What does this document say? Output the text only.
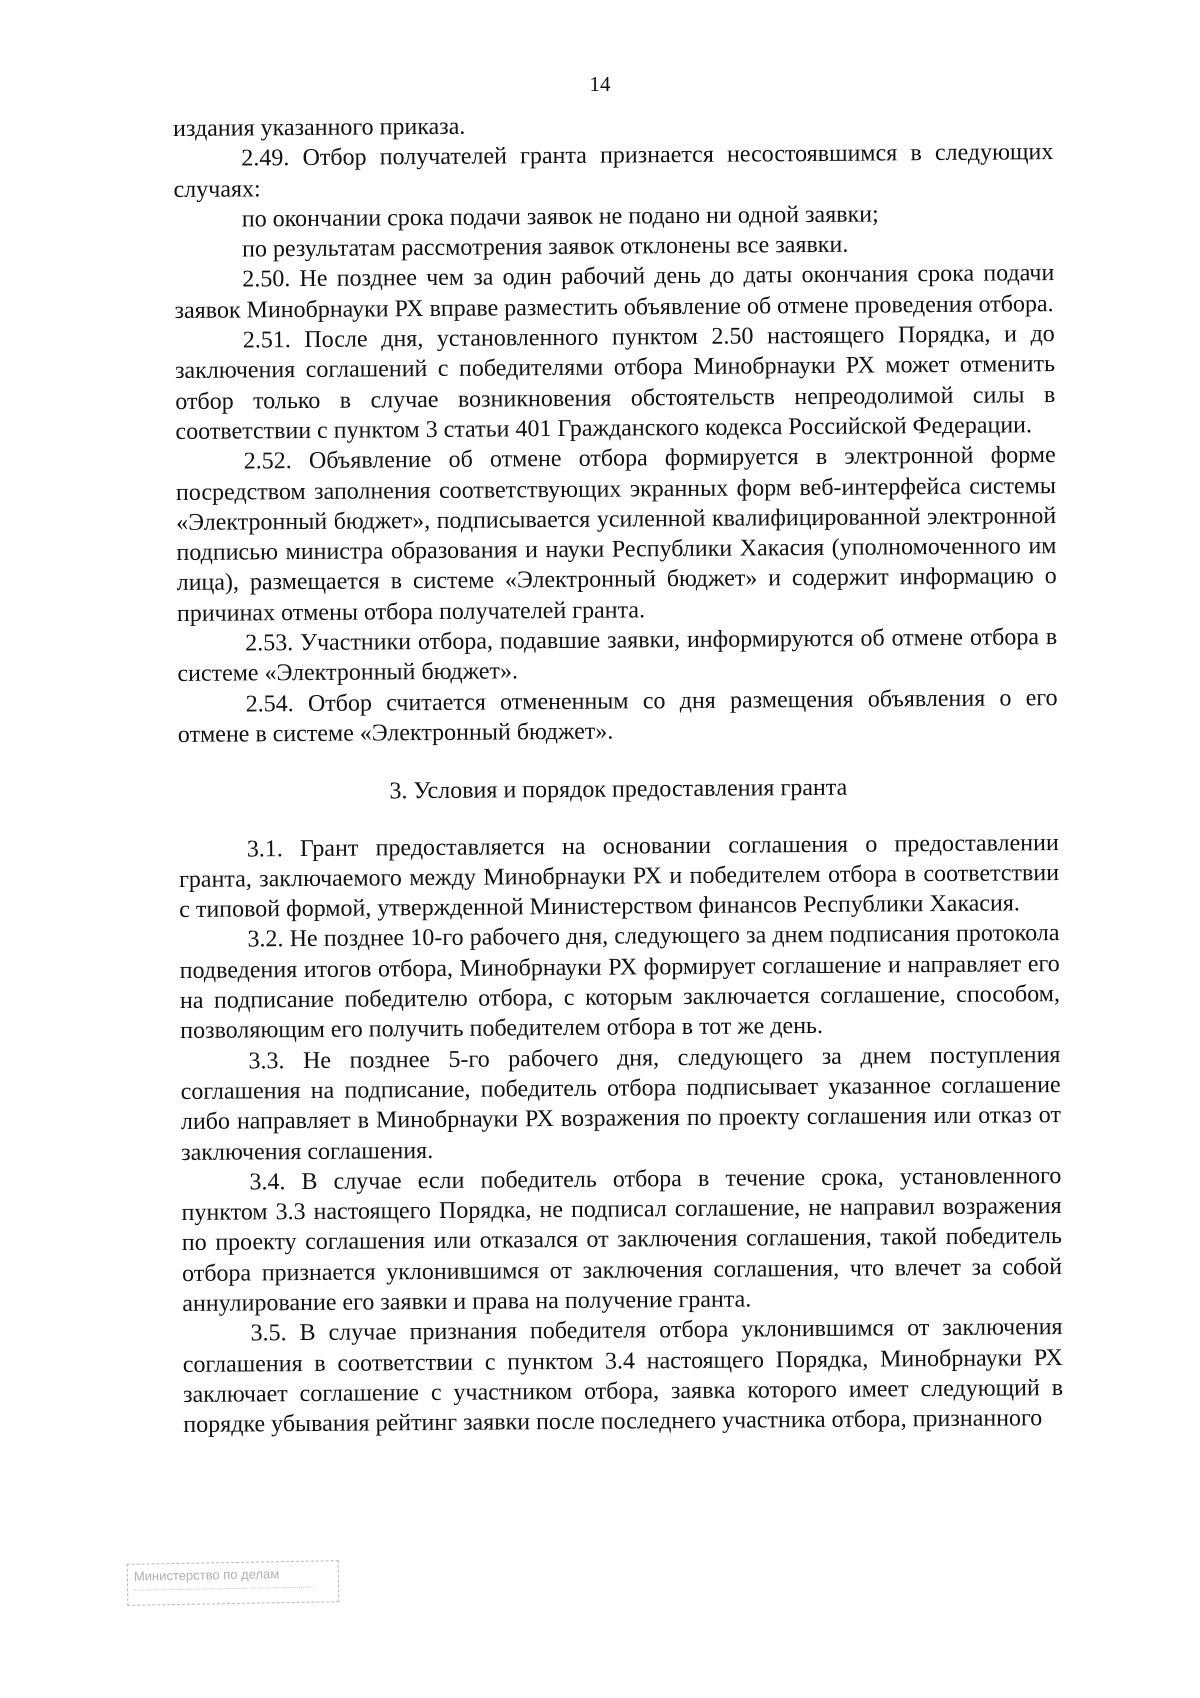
14

издания указанного приказа.

2.49. Отбор получателей гранта признается несостоявшимся в следующих случаях:

по окончании срока подачи заявок не подано ни одной заявки;

по результатам рассмотрения заявок отклонены все заявки.

2.50. Не позднее чем за один рабочий день до даты окончания срока подачи заявок Минобрнауки РХ вправе разместить объявление об отмене проведения отбора.

2.51. После дня, установленного пунктом 2.50 настоящего Порядка, и до заключения соглашений с победителями отбора Минобрнауки РХ может отменить отбор только в случае возникновения обстоятельств непреодолимой силы в соответствии с пунктом 3 статьи 401 Гражданского кодекса Российской Федерации.

2.52. Объявление об отмене отбора формируется в электронной форме посредством заполнения соответствующих экранных форм веб-интерфейса системы «Электронный бюджет», подписывается усиленной квалифицированной электронной подписью министра образования и науки Республики Хакасия (уполномоченного им лица), размещается в системе «Электронный бюджет» и содержит информацию о причинах отмены отбора получателей гранта.

2.53. Участники отбора, подавшие заявки, информируются об отмене отбора в системе «Электронный бюджет».

2.54. Отбор считается отмененным со дня размещения объявления о его отмене в системе «Электронный бюджет».

3. Условия и порядок предоставления гранта

3.1. Грант предоставляется на основании соглашения о предоставлении гранта, заключаемого между Минобрнауки РХ и победителем отбора в соответствии с типовой формой, утвержденной Министерством финансов Республики Хакасия.

3.2. Не позднее 10-го рабочего дня, следующего за днем подписания протокола подведения итогов отбора, Минобрнауки РХ формирует соглашение и направляет его на подписание победителю отбора, с которым заключается соглашение, способом, позволяющим его получить победителем отбора в тот же день.

3.3. Не позднее 5-го рабочего дня, следующего за днем поступления соглашения на подписание, победитель отбора подписывает указанное соглашение либо направляет в Минобрнауки РХ возражения по проекту соглашения или отказ от заключения соглашения.

3.4. В случае если победитель отбора в течение срока, установленного пунктом 3.3 настоящего Порядка, не подписал соглашение, не направил возражения по проекту соглашения или отказался от заключения соглашения, такой победитель отбора признается уклонившимся от заключения соглашения, что влечет за собой аннулирование его заявки и права на получение гранта.

3.5. В случае признания победителя отбора уклонившимся от заключения соглашения в соответствии с пунктом 3.4 настоящего Порядка, Минобрнауки РХ заключает соглашение с участником отбора, заявка которого имеет следующий в порядке убывания рейтинг заявки после последнего участника отбора, признанного

Министерство по делам
